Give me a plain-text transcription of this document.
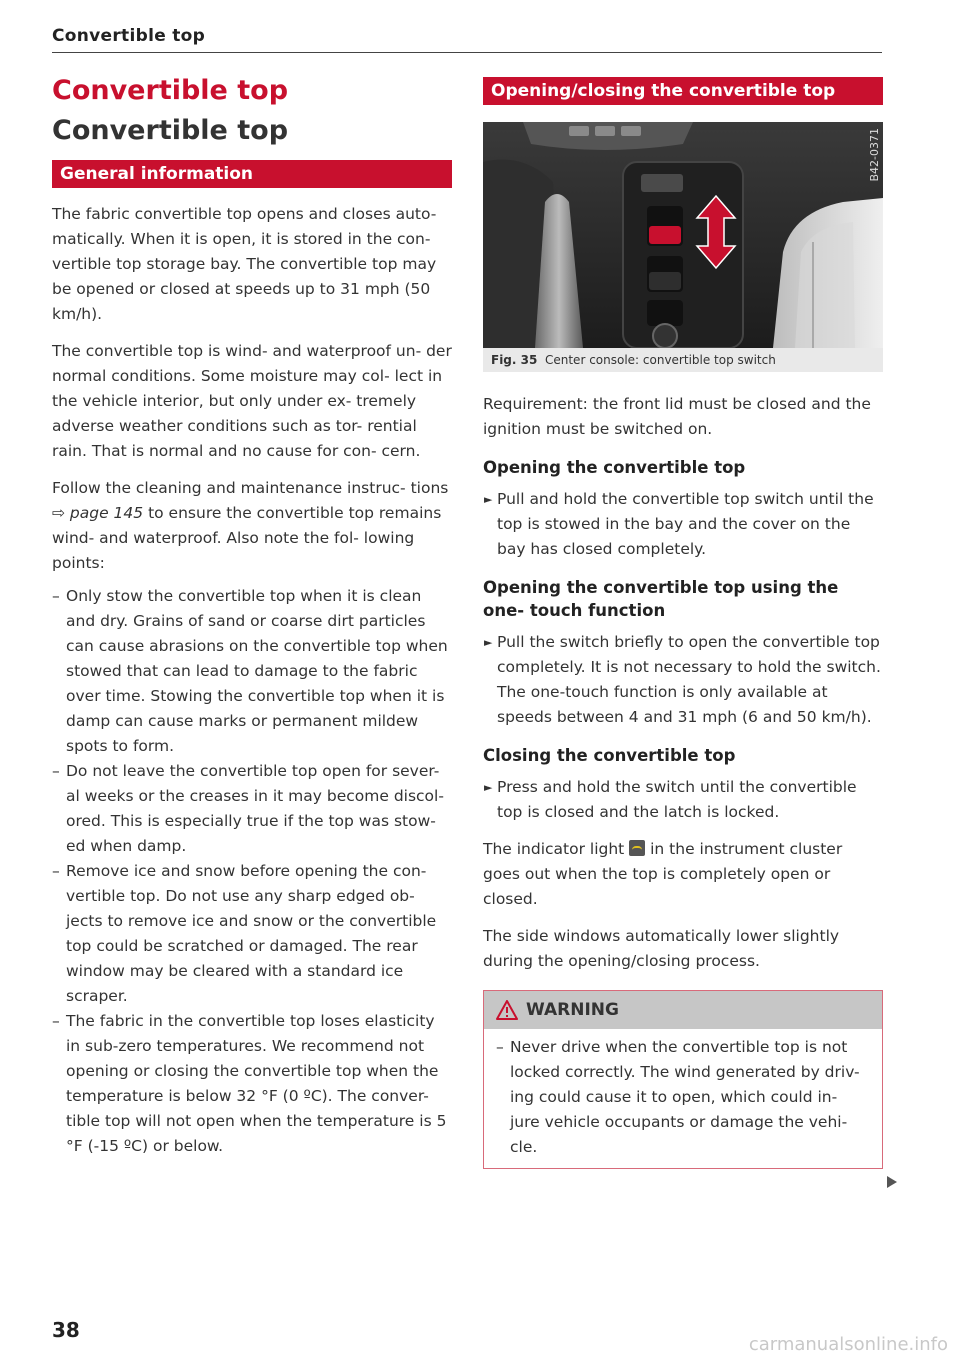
Convertible top
Convertible top
Convertible top
General information

The fabric convertible top opens and closes auto- matically. When it is open, it is stored in the con- vertible top storage bay. The convertible top may be opened or closed at speeds up to 31 mph (50 km/h).

The convertible top is wind- and waterproof un- der normal conditions. Some moisture may col- lect in the vehicle interior, but only under ex- tremely adverse weather conditions such as tor- rential rain. That is normal and no cause for con- cern.

Follow the cleaning and maintenance instruc- tions ⇨ page 145 to ensure the convertible top remains wind- and waterproof. Also note the fol- lowing points:

– Only stow the convertible top when it is clean and dry. Grains of sand or coarse dirt particles can cause abrasions on the convertible top when stowed that can lead to damage to the fabric over time. Stowing the convertible top when it is damp can cause marks or permanent mildew spots to form.
– Do not leave the convertible top open for sever- al weeks or the creases in it may become discol- ored. This is especially true if the top was stow- ed when damp.
– Remove ice and snow before opening the con- vertible top. Do not use any sharp edged ob- jects to remove ice and snow or the convertible top could be scratched or damaged. The rear window may be cleared with a standard ice scraper.
– The fabric in the convertible top loses elasticity in sub-zero temperatures. We recommend not opening or closing the convertible top when the temperature is below 32 °F (0 ºC). The conver- tible top will not open when the temperature is 5 °F (-15 ºC) or below.
Opening/closing the convertible top
B42-0371
Fig. 35 Center console: convertible top switch

Requirement: the front lid must be closed and the ignition must be switched on.

Opening the convertible top
► Pull and hold the convertible top switch until the top is stowed in the bay and the cover on the bay has closed completely.
Opening the convertible top using the one- touch function
► Pull the switch briefly to open the convertible top completely. It is not necessary to hold the switch. The one-touch function is only available at speeds between 4 and 31 mph (6 and 50 km/h).
Closing the convertible top
► Press and hold the switch until the convertible top is closed and the latch is locked.

The indicator light  in the instrument cluster goes out when the top is completely open or closed.

The side windows automatically lower slightly during the opening/closing process.

WARNING
– Never drive when the convertible top is not locked correctly. The wind generated by driv- ing could cause it to open, which could in- jure vehicle occupants or damage the vehi- cle.
38
carmanualsonline.info
